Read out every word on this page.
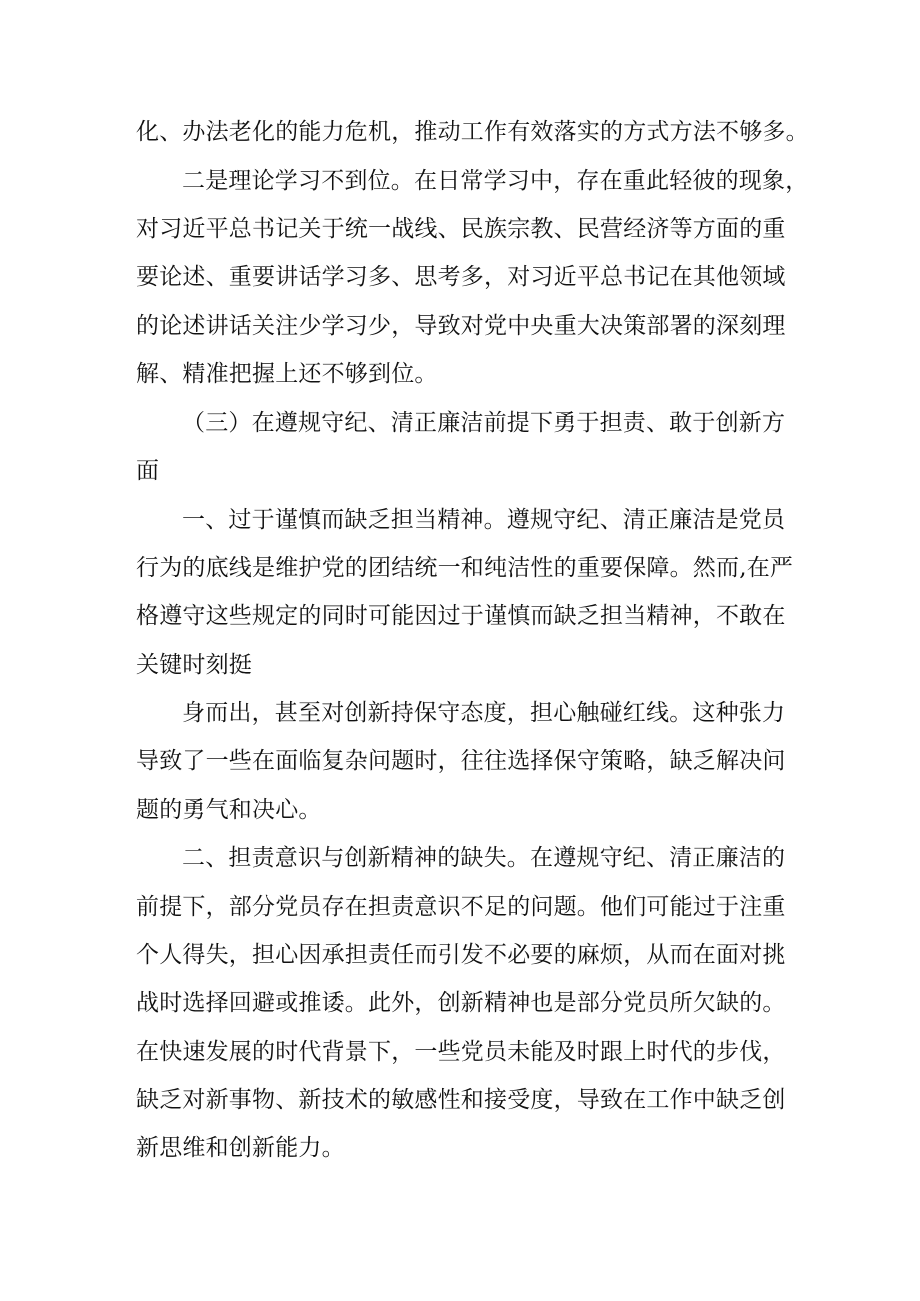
化、办法老化的能力危机，推动工作有效落实的方式方法不够多。
二是理论学习不到位。在日常学习中，存在重此轻彼的现象，
对习近平总书记关于统一战线、民族宗教、民营经济等方面的重
要论述、重要讲话学习多、思考多，对习近平总书记在其他领域
的论述讲话关注少学习少，导致对党中央重大决策部署的深刻理
解、精准把握上还不够到位。
（三）在遵规守纪、清正廉洁前提下勇于担责、敢于创新方
面
一、过于谨慎而缺乏担当精神。遵规守纪、清正廉洁是党员
行为的底线是维护党的团结统一和纯洁性的重要保障。然而,在严
格遵守这些规定的同时可能因过于谨慎而缺乏担当精神，不敢在
关键时刻挺
身而出，甚至对创新持保守态度，担心触碰红线。这种张力
导致了一些在面临复杂问题时，往往选择保守策略，缺乏解决问
题的勇气和决心。
二、担责意识与创新精神的缺失。在遵规守纪、清正廉洁的
前提下，部分党员存在担责意识不足的问题。他们可能过于注重
个人得失，担心因承担责任而引发不必要的麻烦，从而在面对挑
战时选择回避或推诿。此外，创新精神也是部分党员所欠缺的。
在快速发展的时代背景下，一些党员未能及时跟上时代的步伐，
缺乏对新事物、新技术的敏感性和接受度，导致在工作中缺乏创
新思维和创新能力。
